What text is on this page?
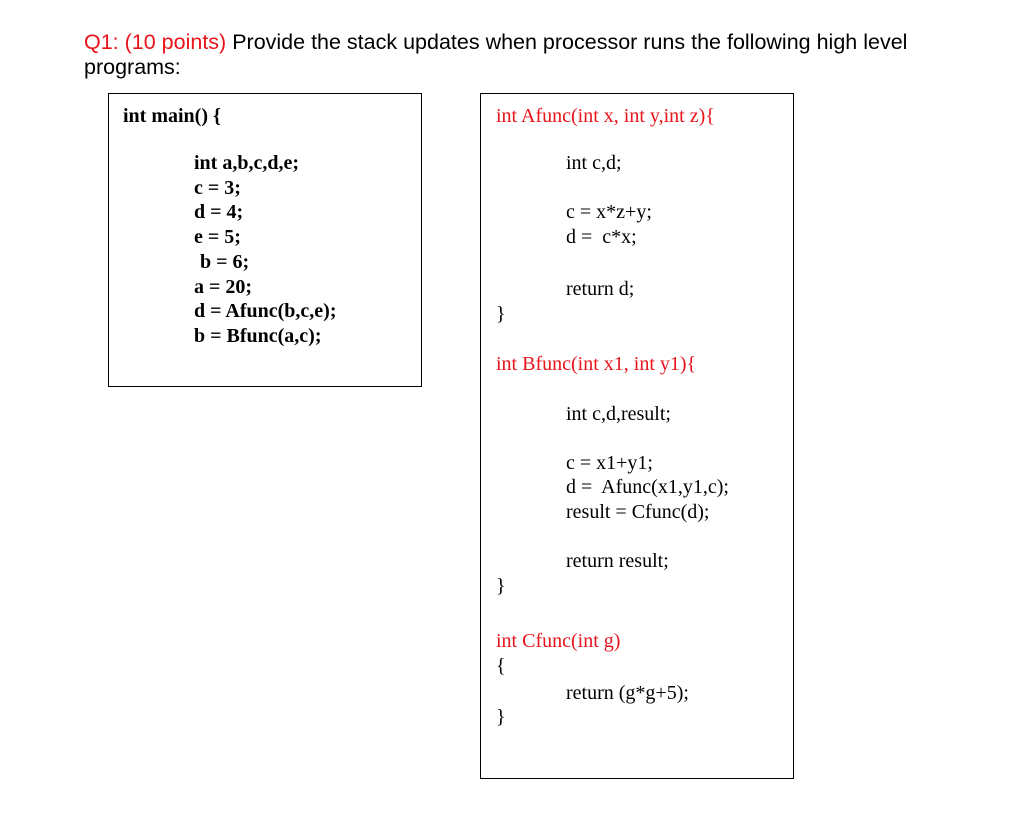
Q1: (10 points) Provide the stack updates when processor runs the following high level programs:
int main() {
int a,b,c,d,e;
c = 3;
d = 4;
e = 5;
b = 6;
a = 20;
d = Afunc(b,c,e);
b = Bfunc(a,c);
int Afunc(int x, int y,int z){
int c,d;
c = x*z+y;
d =  c*x;
return d;
}
int Bfunc(int x1, int y1){
int c,d,result;
c = x1+y1;
d =  Afunc(x1,y1,c);
result = Cfunc(d);
return result;
}
int Cfunc(int g)
{
return (g*g+5);
}
